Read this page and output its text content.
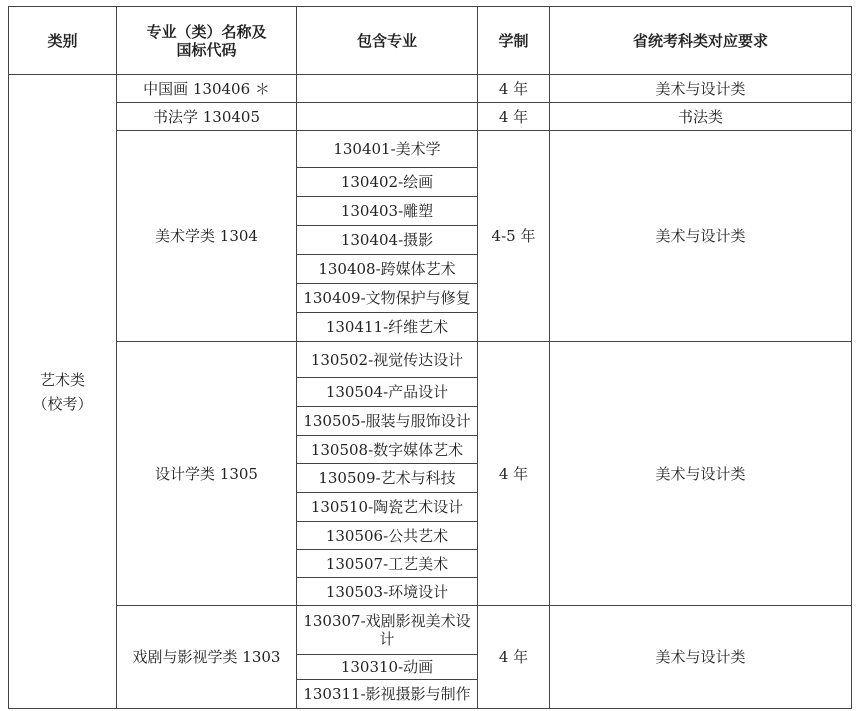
类别	专业（类）名称及
国标代码	包含专业	学制	省统考科类对应要求

艺术类
（校考）	中国画 130406 ＊		4 年	美术与设计类
	书法学 130405		4 年	书法类
	美术学类 1304	130401-美术学	4-5 年	美术与设计类
		130402-绘画		
		130403-雕塑		
		130404-摄影		
		130408-跨媒体艺术		
		130409-文物保护与修复		
		130411-纤维艺术		
	设计学类 1305	130502-视觉传达设计	4 年	美术与设计类
		130504-产品设计		
		130505-服装与服饰设计		
		130508-数字媒体艺术		
		130509-艺术与科技		
		130510-陶瓷艺术设计		
		130506-公共艺术		
		130507-工艺美术		
		130503-环境设计		
	戏剧与影视学类 1303	130307-戏剧影视美术设计	4 年	美术与设计类
		130310-动画		
		130311-影视摄影与制作		
